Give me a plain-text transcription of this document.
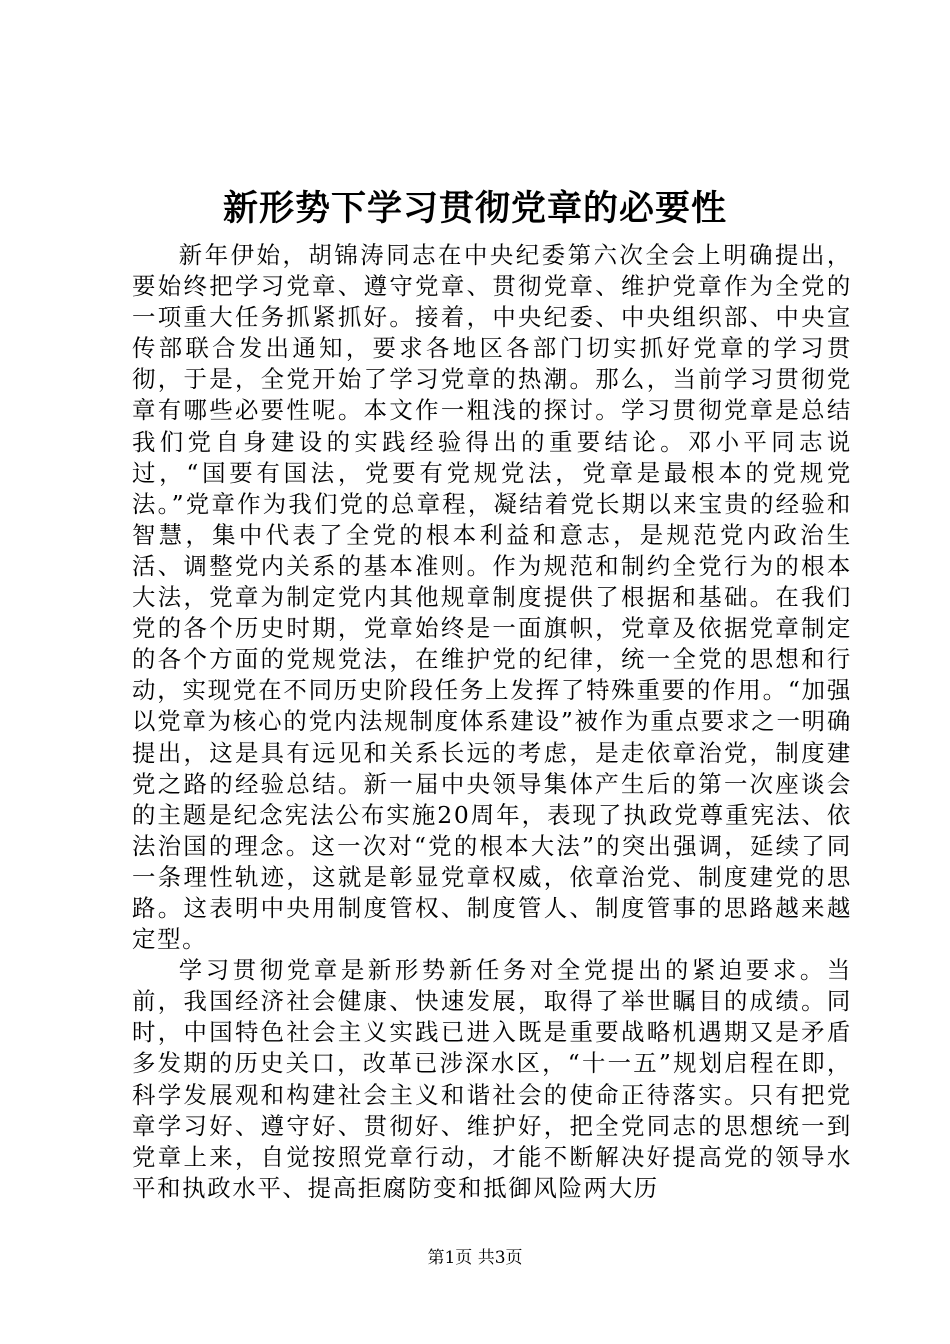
新形势下学习贯彻党章的必要性

新年伊始，胡锦涛同志在中央纪委第六次全会上明确提出，要始终把学习党章、遵守党章、贯彻党章、维护党章作为全党的一项重大任务抓紧抓好。接着，中央纪委、中央组织部、中央宣传部联合发出通知，要求各地区各部门切实抓好党章的学习贯彻，于是，全党开始了学习党章的热潮。那么，当前学习贯彻党章有哪些必要性呢。本文作一粗浅的探讨。学习贯彻党章是总结我们党自身建设的实践经验得出的重要结论。邓小平同志说过，“国要有国法，党要有党规党法，党章是最根本的党规党法。”党章作为我们党的总章程，凝结着党长期以来宝贵的经验和智慧，集中代表了全党的根本利益和意志，是规范党内政治生活、调整党内关系的基本准则。作为规范和制约全党行为的根本大法，党章为制定党内其他规章制度提供了根据和基础。在我们党的各个历史时期，党章始终是一面旗帜，党章及依据党章制定的各个方面的党规党法，在维护党的纪律，统一全党的思想和行动，实现党在不同历史阶段任务上发挥了特殊重要的作用。“加强以党章为核心的党内法规制度体系建设”被作为重点要求之一明确提出，这是具有远见和关系长远的考虑，是走依章治党，制度建党之路的经验总结。新一届中央领导集体产生后的第一次座谈会的主题是纪念宪法公布实施20周年，表现了执政党尊重宪法、依法治国的理念。这一次对“党的根本大法”的突出强调，延续了同一条理性轨迹，这就是彰显党章权威，依章治党、制度建党的思路。这表明中央用制度管权、制度管人、制度管事的思路越来越定型。

学习贯彻党章是新形势新任务对全党提出的紧迫要求。当前，我国经济社会健康、快速发展，取得了举世瞩目的成绩。同时，中国特色社会主义实践已进入既是重要战略机遇期又是矛盾多发期的历史关口，改革已涉深水区，“十一五”规划启程在即，科学发展观和构建社会主义和谐社会的使命正待落实。只有把党章学习好、遵守好、贯彻好、维护好，把全党同志的思想统一到党章上来，自觉按照党章行动，才能不断解决好提高党的领导水平和执政水平、提高拒腐防变和抵御风险两大历

第1页 共3页
